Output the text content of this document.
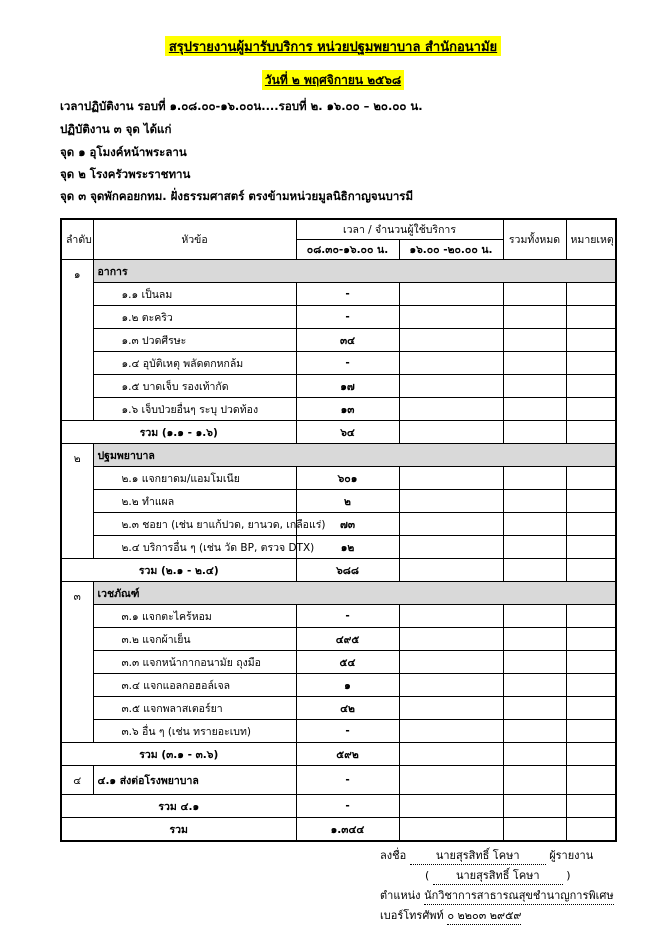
สรุปรายงานผู้มารับบริการ หน่วยปฐมพยาบาล สำนักอนามัย
วันที่ ๒ พฤศจิกายน ๒๕๖๘
เวลาปฏิบัติงาน รอบที่ ๑.๐๘.๐๐-๑๖.๐๐น....รอบที่ ๒. ๑๖.๐๐ – ๒๐.๐๐ น.
ปฏิบัติงาน ๓ จุด ได้แก่
จุด ๑ อุโมงค์หน้าพระลาน
จุด ๒ โรงครัวพระราชทาน
จุด ๓ จุดพักคอยกทม. ฝั่งธรรมศาสตร์ ตรงข้ามหน่วยมูลนิธิกาญจนบารมี
ลำดับ	หัวข้อ	เวลา / จำนวนผู้ใช้บริการ		รวมทั้งหมด	หมายเหตุ
		๐๘.๓๐-๑๖.๐๐ น.	๑๖.๐๐ -๒๐.๐๐ น.		
๑	อาการ				
	๑.๑ เป็นลม	-			
	๑.๒ ตะคริว	-			
	๑.๓ ปวดศีรษะ	๓๔			
	๑.๔ อุบัติเหตุ พลัดตกหกล้ม	-			
	๑.๕ บาดเจ็บ รองเท้ากัด	๑๗			
	๑.๖ เจ็บป่วยอื่นๆ ระบุ ปวดท้อง	๑๓			
รวม (๑.๑ - ๑.๖)		๖๔			
๒	ปฐมพยาบาล				
	๒.๑ แจกยาดม/แอมโมเนีย	๖๐๑			
	๒.๒ ทำแผล	๒			
	๒.๓ ชอยา (เช่น ยาแก้ปวด, ยานวด, เกลือแร่)	๗๓			
	๒.๔ บริการอื่น ๆ (เช่น วัด BP, ตรวจ DTX)	๑๒			
รวม (๒.๑ - ๒.๔)		๖๘๘			
๓	เวชภัณฑ์				
	๓.๑ แจกตะไคร้หอม	-			
	๓.๒ แจกผ้าเย็น	๔๙๕			
	๓.๓ แจกหน้ากากอนามัย ถุงมือ	๕๔			
	๓.๔ แจกแอลกอฮอล์เจล	๑			
	๓.๕ แจกพลาสเตอร์ยา	๔๒			
	๓.๖ อื่น ๆ (เช่น ทรายอะเบท)	-			
รวม (๓.๑ - ๓.๖)		๕๙๒			
๔	๔.๑ ส่งต่อโรงพยาบาล	-			
รวม ๔.๑		-			
รวม		๑.๓๔๔			
ลงชื่อ	นายสุรสิทธิ์ โคษา	ผู้รายงาน
( นายสุรสิทธิ์ โคษา )
ตำแหน่ง นักวิชาการสาธารณสุขชำนาญการพิเศษ
เบอร์โทรศัพท์ ๐ ๒๒๐๓ ๒๙๕๙
